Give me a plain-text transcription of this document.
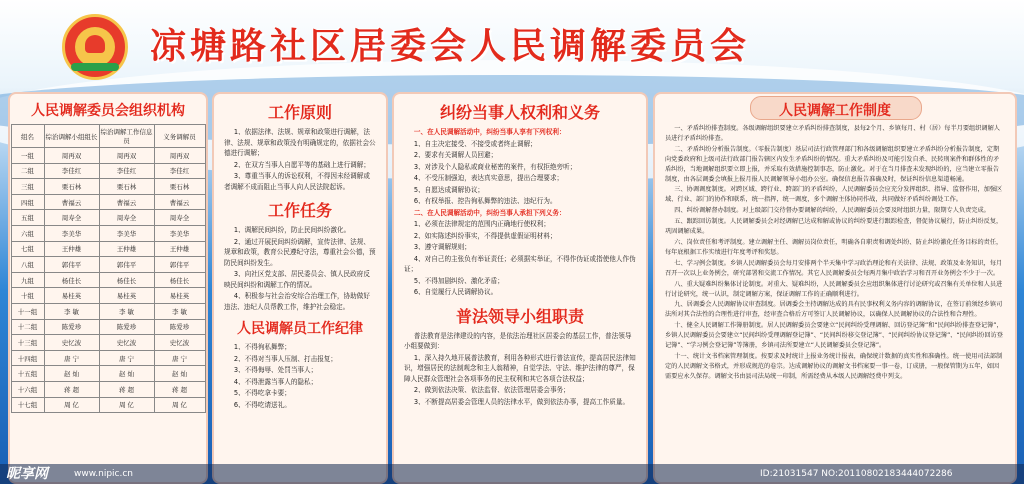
凉塘路社区居委会人民调解委员会
人民调解委员会组织机构
组名	综治调解小组组长	综治调解工作信息员	义务调解员
一组	周再双	周再双	周再双
二组	李佳红	李佳红	李佳红
三组	栗石林	栗石林	栗石林
四组	曹福云	曹福云	曹福云
五组	周寿全	周寿全	周寿全
六组	李美华	李美华	李美华
七组	王仲雄	王仲雄	王仲雄
八组	郭伟平	郭伟平	郭伟平
九组	杨佳长	杨佳长	杨佳长
十组	易桂英	易桂英	易桂英
十一组	李 敏	李 敏	李 敏
十二组	陈爱珍	陈爱珍	陈爱珍
十三组	史忆波	史忆波	史忆波
十四组	唐 宁	唐 宁	唐 宁
十五组	赵 灿	赵 灿	赵 灿
十六组	蒋 超	蒋 超	蒋 超
十七组	周 亿	周 亿	周 亿
工作原则

1、依据法律、法规、规章和政策进行调解，法律、法规、规章和政策没有明确规定的，依据社会公德进行调解；

2、在双方当事人自愿平等的基础上进行调解；

3、尊重当事人的诉讼权利，不得因未经调解或者调解不成而阻止当事人向人民法院起诉。

工作任务

1、调解民间纠纷，防止民间纠纷激化。

2、通过开展民间纠纷调解，宣传法律、法规、规章和政策，教育公民遵纪守法，尊重社会公德，预防民间纠纷发生。

3、向社区党支部、居民委员会、镇人民政府反映民间纠纷和调解工作的情况。

4、积极参与社会治安综合治理工作，协助做好违法、违纪人员帮教工作，维护社会稳定。

人民调解员工作纪律

1、不得徇私舞弊；

2、不得对当事人压制、打击报复；

3、不得侮辱、处罚当事人；

4、不得泄露当事人的隐私；

5、不得吃拿卡要；

6、不得吃请送礼。

纠纷当事人权利和义务

一、在人民调解活动中，纠纷当事人享有下列权利：

1、自主决定接受、不接受或者终止调解；

2、要求有关调解人员回避；

3、对涉及个人隐私或商业秘密的案件，有权拒绝旁听；

4、不受压制强迫，表达真实意思，提出合理要求；

5、自愿达成调解协议；

6、有权举报、控告徇私舞弊的违法、违纪行为。

二、在人民调解活动中，纠纷当事人承担下列义务：

1、必须在法律规定的范围内正确地行使权利；

2、如实陈述纠纷事实，不得提供虚假证明材料；

3、遵守调解规则；

4、对自己的主张负有举证责任；必须据实举证，不得作伪证或指使他人作伪证；

5、不得加剧纠纷、激化矛盾；

6、自觉履行人民调解协议。

普法领导小组职责

普法教育是法律建设的内容，是依法治理社区居委会的基层工作，普法领导小组要做到：

1、深入持久地开展普法教育，利用各种形式进行普法宣传，提高居民法律知识，增强居民的法制观念和主人翁精神，自觉学法、守法、维护法律的尊严，保障人民群众管理社会各项事务的民主权利和其它各项合法权益；

2、做到依法决策、依法监督、依法管理居委会事务；

3、不断提高居委会管理人员的法律水平，做到依法办事，提高工作质量。

人民调解工作制度

一、矛盾纠纷排查制度。各级调解组织要建立矛盾纠纷排查制度，县每2个月、乡镇每月、村（居）每半月要组织调解人员进行矛盾纠纷排查。

二、矛盾纠纷分析报告制度。（零报告制度）基层司法行政管理部门和各级调解组织要建立矛盾纠纷分析报告制度，定期向党委政府和上级司法行政部门报告辖区内发生矛盾纠纷的情况。重大矛盾纠纷及可能引发自杀、民转刑案件和群体性的矛盾纠纷，当地调解组织要立即上报，并采取有效措施控制事态，防止激化。对于在当月排查未发现纠纷的，应当建立零报告制度，由各层调委会填报上报月报人民调解领导小组办公室。确保信息报告准确及时，保证纠纷信息渠道畅通。

三、协调调度制度。对跨区域、跨行业、跨部门的矛盾纠纷，人民调解委员会应充分发挥组织、指导、监督作用，加强区域、行业、部门的协作和联系，统一指挥，统一调度，多个调解主体协同作战，共同做好矛盾纠纷调处工作。

四、纠纷调解督办制度。对上级部门交待督办要调解的纠纷，人民调解委员会要及时组织力量，限期专人负责完成。

五、跟踪回访制度。人民调解委员会对经调解已达成和解或协议的纠纷要进行跟踪检查，督促协议履行，防止纠纷反复，巩固调解成果。

六、岗位责任和考评制度。建立调解主任、调解员岗位责任，明确各自职责和调处纠纷、防止纠纷激化任务目标的责任，每年底根据工作实绩进行年度考评和奖惩。

七、学习例会制度。乡镇人民调解委员会每月安排两个半天集中学习政治理论和有关法律、法规、政策及业务知识，每月召开一次以上业务例会，研究部署和交流工作情况。其它人民调解委员会每两月集中政治学习和召开业务例会不少于一次。

八、重大疑难纠纷集体讨论制度。对重大、疑难纠纷，人民调解委员会应组织集体进行讨论研究或召集有关单位和人员进行讨论研究，统一认识，制定调解方案，保证调解工作的正确顺利进行。

九、居调委会人民调解协议审查制度。居调委会主持调解达成的具有民事权利义务内容的调解协议，在签订前须经乡镇司法所对其合法性的合理性进行审查，经审查合格后方可签订人民调解协议，以确保人民调解协议的合法性和合理性。

十、健全人民调解工作簿册制度。居人民调解委员会要建立“民间纠纷受理调解、回访登记簿”和“民间纠纷排查登记簿”，乡镇人民调解委员会要建立“民间纠纷受理调解登记簿”、“民间纠纷移交登记簿”、“民间纠纷协议登记簿”、“民间纠纷回访登记簿”、“学习例会登记簿”等簿册，乡镇司法所要建立“人民调解委员会登记簿”。

十一、统计文书档案管理制度。按要求及时统计上报业务统计报表，确保统计数据的真实性和准确性。统一使用司法部制定的人民调解文书格式，并形成规范的卷宗。达成调解协议的调解文书档案要一事一卷，订成册，一般保管期为五年，如因需要应永久保存。调解文书由县司法局统一印制，所需经费从本级人民调解经费中列支。

昵享网	www.nipic.cn	ID:21031547 NO:20110802183444072286
